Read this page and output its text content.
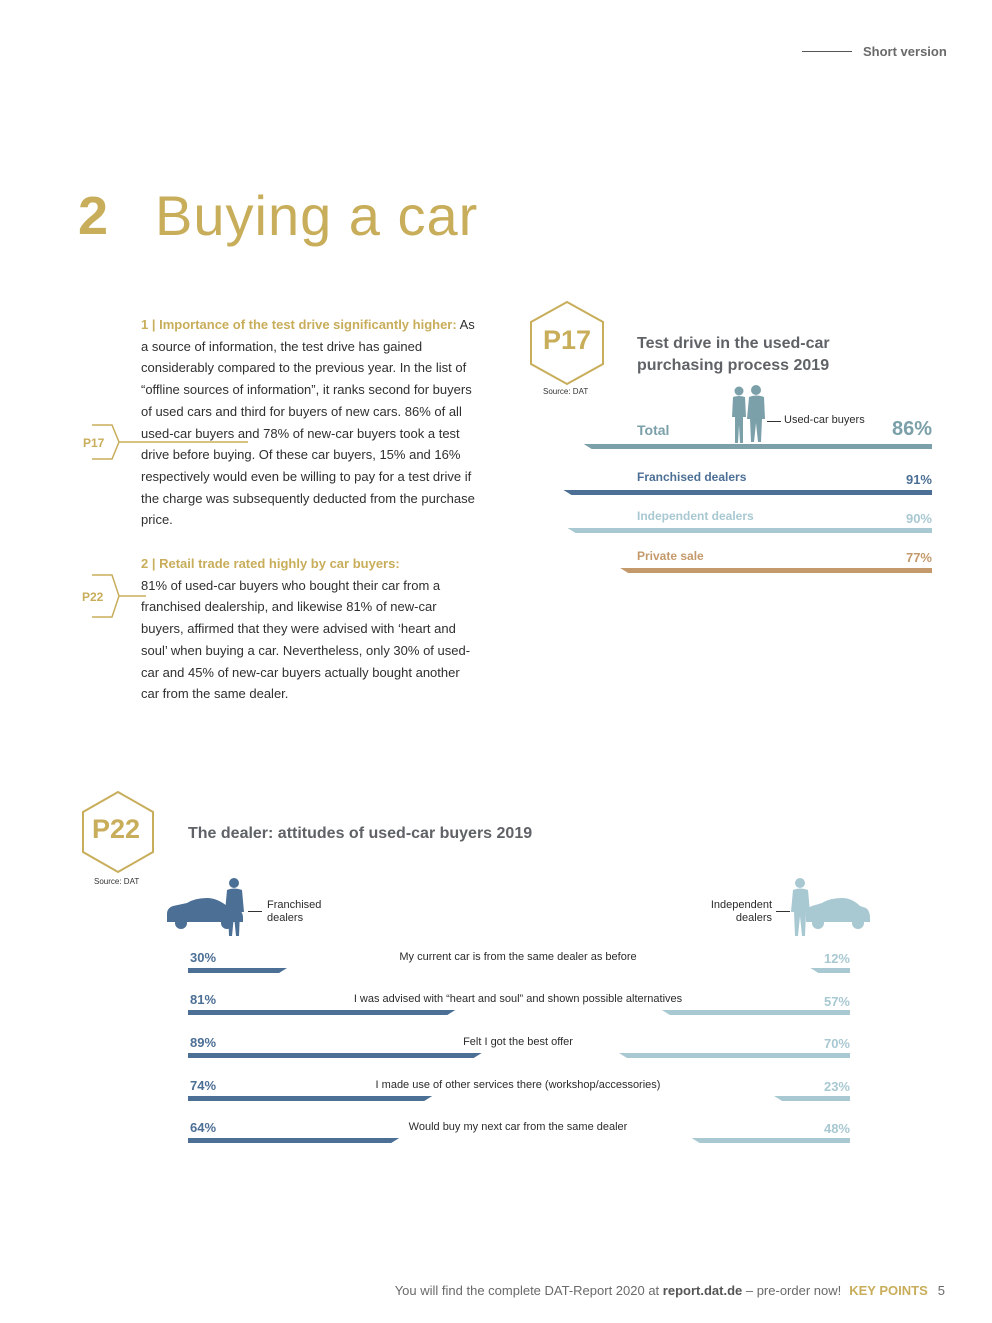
Short version
2 Buying a car
P17
P22
1 | Importance of the test drive significantly higher: As a source of information, the test drive has gained considerably compared to the previous year. In the list of “offline sources of information”, it ranks second for buyers of used cars and third for buyers of new cars. 86% of all used-car buyers and 78% of new-car buyers took a test drive before buying. Of these car buyers, 15% and 16% respectively would even be willing to pay for a test drive if the charge was subsequently deducted from the purchase price.
2 | Retail trade rated highly by car buyers:
81% of used-car buyers who bought their car from a franchised dealership, and likewise 81% of new-car buyers, affirmed that they were advised with ‘heart and soul’ when buying a car. Nevertheless, only 30% of used-car and 45% of new-car buyers actually bought another car from the same dealer.
P17
Source: DAT
Test drive in the used-car
purchasing process 2019
Used-car buyers
Total	86%
Franchised dealers	91%
Independent dealers	90%
Private sale	77%
P22
Source: DAT
The dealer: attitudes of used-car buyers 2019
Franchised
dealers
Independent
dealers
30%	My current car is from the same dealer as before	12%
81%	I was advised with “heart and soul” and shown possible alternatives	57%
89%	Felt I got the best offer	70%
74%	I made use of other services there (workshop/accessories)	23%
64%	Would buy my next car from the same dealer	48%
You will find the complete DAT-Report 2020 at report.dat.de – pre-order now! KEY POINTS 5
